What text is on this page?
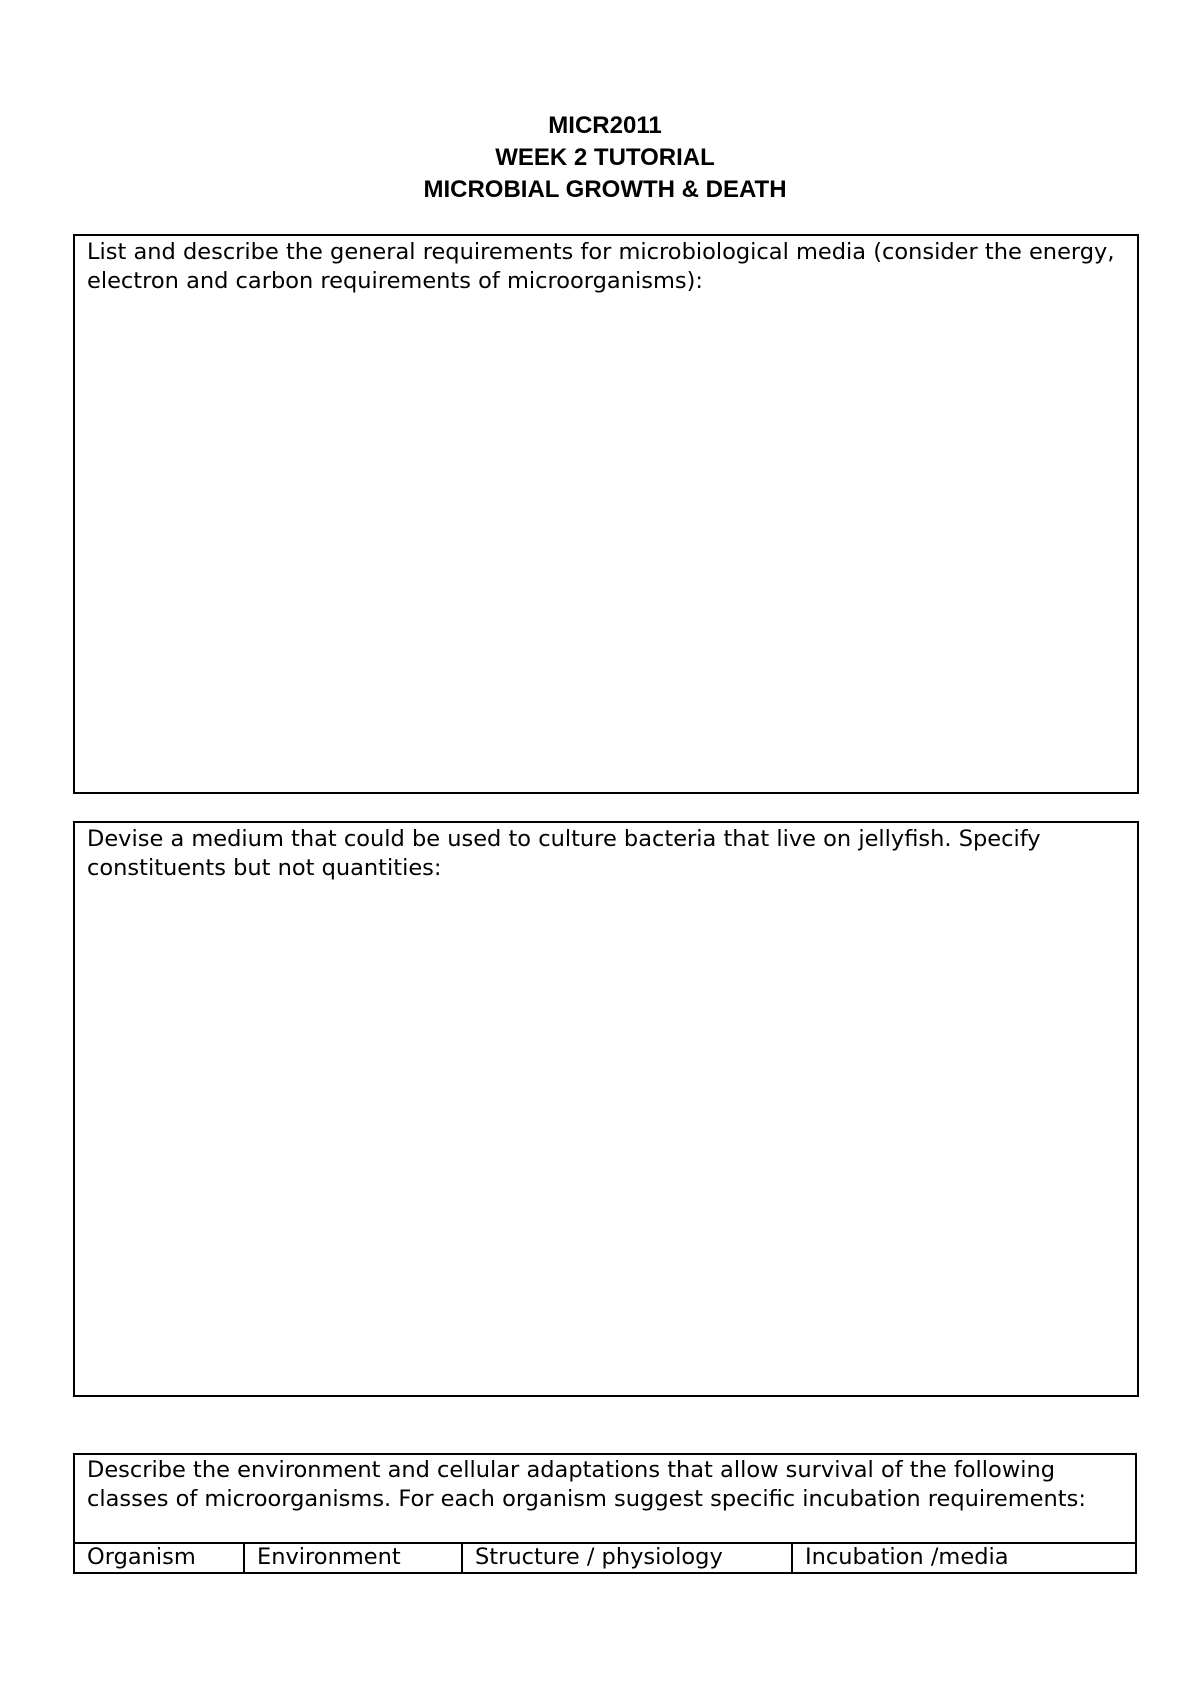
MICR2011
WEEK 2 TUTORIAL
MICROBIAL GROWTH & DEATH
List and describe the general requirements for microbiological media (consider the energy, electron and carbon requirements of microorganisms):
Devise a medium that could be used to culture bacteria that live on jellyfish. Specify constituents but not quantities:
Describe the environment and cellular adaptations that allow survival of the following classes of microorganisms. For each organism suggest specific incubation requirements:
Organism	Environment	Structure / physiology	Incubation /media
